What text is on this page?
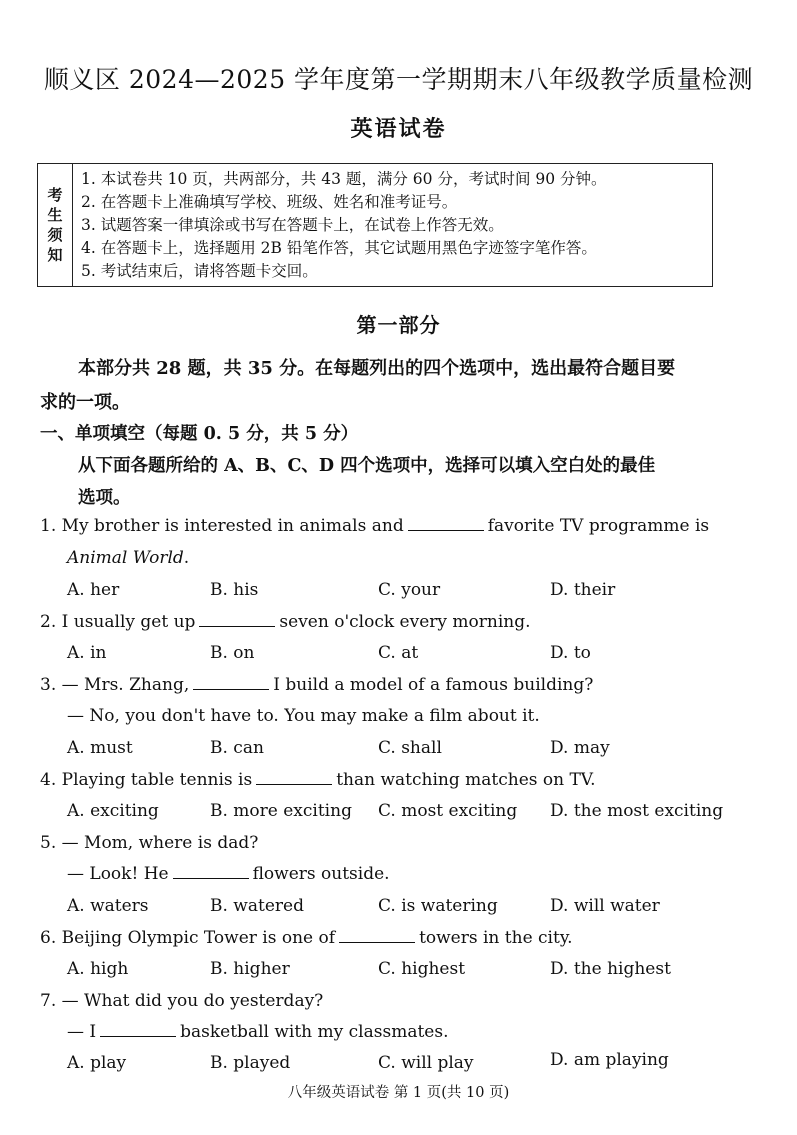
顺义区 2024—2025 学年度第一学期期末八年级教学质量检测
英语试卷
考
生
须
知
1. 本试卷共 10 页，共两部分，共 43 题，满分 60 分，考试时间 90 分钟。
2. 在答题卡上准确填写学校、班级、姓名和准考证号。
3. 试题答案一律填涂或书写在答题卡上，在试卷上作答无效。
4. 在答题卡上，选择题用 2B 铅笔作答，其它试题用黑色字迹签字笔作答。
5. 考试结束后，请将答题卡交回。
第一部分
本部分共 28 题，共 35 分。在每题列出的四个选项中，选出最符合题目要
求的一项。
一、单项填空（每题 0. 5 分，共 5 分）
从下面各题所给的 A、B、C、D 四个选项中，选择可以填入空白处的最佳
选项。
1. My brother is interested in animals and	favorite TV programme is
Animal World.
A. her	B. his	C. your	D. their
2. I usually get up	seven o'clock every morning.
A. in	B. on	C. at	D. to
3. — Mrs. Zhang,	I build a model of a famous building?
— No, you don't have to. You may make a film about it.
A. must	B. can	C. shall	D. may
4. Playing table tennis is	than watching matches on TV.
A. exciting	B. more exciting C. most exciting D. the most exciting
5. — Mom, where is dad?
— Look! He	flowers outside.
A. waters	B. watered	C. is watering	D. will water
6. Beijing Olympic Tower is one of	towers in the city.
A. high	B. higher	C. highest	D. the highest
7. — What did you do yesterday?
— I	basketball with my classmates.
A. play	B. played	C. will play	D. am playing
八年级英语试卷 第 1 页(共 10 页)
